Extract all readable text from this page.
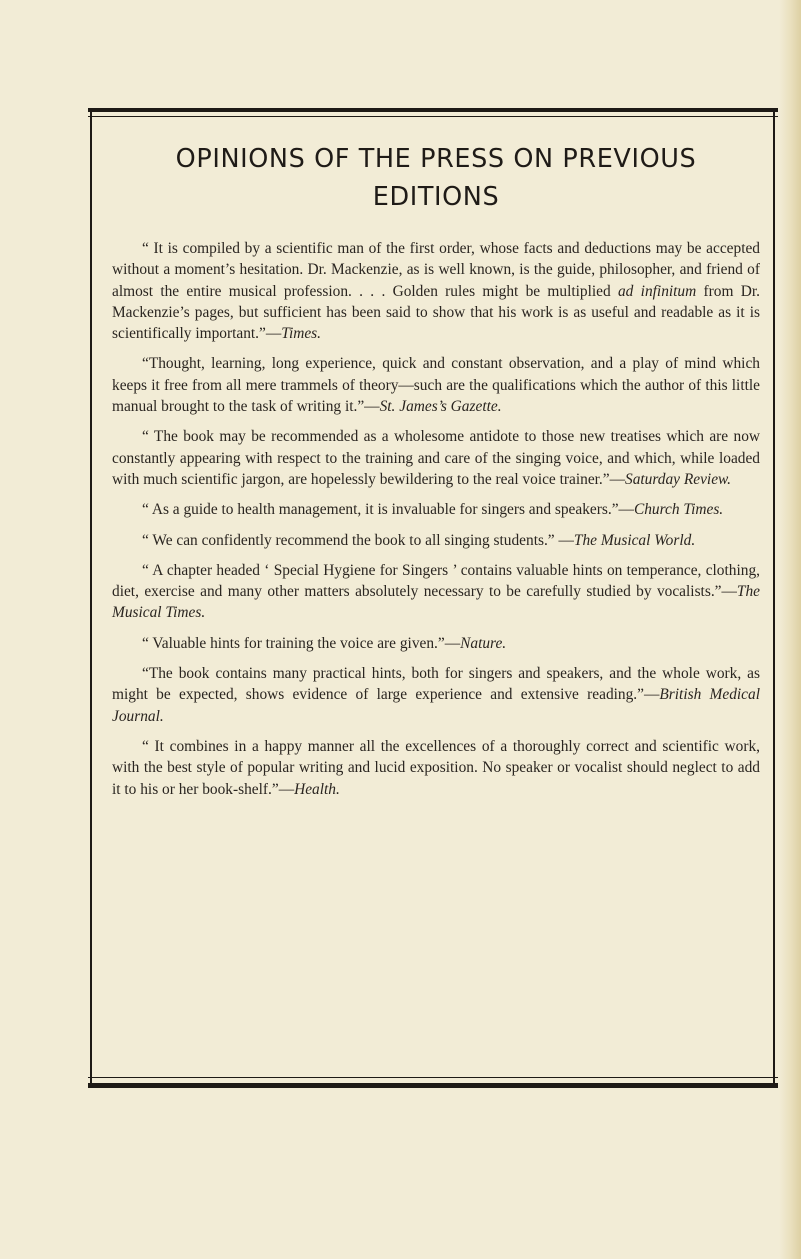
OPINIONS OF THE PRESS ON PREVIOUS
EDITIONS

“ It is compiled by a scientific man of the first order, whose facts and deductions may be accepted without a moment’s hesitation. Dr. Mackenzie, as is well known, is the guide, philosopher, and friend of almost the entire musical profession. . . . Golden rules might be multiplied ad infinitum from Dr. Mackenzie’s pages, but sufficient has been said to show that his work is as useful and readable as it is scientifically important.”—Times.

“Thought, learning, long experience, quick and constant observation, and a play of mind which keeps it free from all mere trammels of theory—such are the qualifications which the author of this little manual brought to the task of writing it.”—St. James’s Gazette.

“ The book may be recommended as a wholesome antidote to those new treatises which are now constantly appearing with respect to the training and care of the singing voice, and which, while loaded with much scientific jargon, are hopelessly bewildering to the real voice trainer.”—Saturday Review.

“ As a guide to health management, it is invaluable for singers and speakers.”—Church Times.

“ We can confidently recommend the book to all singing students.” —The Musical World.

“ A chapter headed ‘ Special Hygiene for Singers ’ contains valuable hints on temperance, clothing, diet, exercise and many other matters absolutely necessary to be carefully studied by vocalists.”—The Musical Times.

“ Valuable hints for training the voice are given.”—Nature.

“The book contains many practical hints, both for singers and speakers, and the whole work, as might be expected, shows evidence of large experience and extensive reading.”—British Medical Journal.

“ It combines in a happy manner all the excellences of a thoroughly correct and scientific work, with the best style of popular writing and lucid exposition. No speaker or vocalist should neglect to add it to his or her book-shelf.”—Health.
